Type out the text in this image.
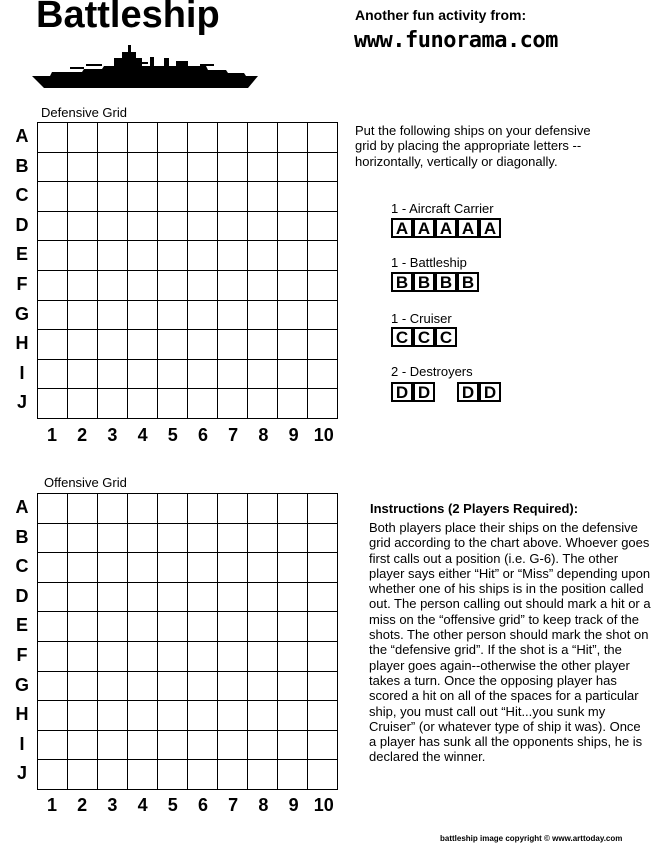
Battleship	Another fun activity from:
www.funorama.com
Defensive Grid
A
B
C
D
E
F
G
H
I
J
1	2	3	4	5	6	7	8	9 10
Offensive Grid
A
B
C
D
E
F
G
H
I
J
1	2	3	4	5	6	7	8	9 10
Put the following ships on your defensive grid by placing the appropriate letters -- horizontally, vertically or diagonally.
1 - Aircraft Carrier
A A A A A
1 - Battleship
B B B B
1 - Cruiser
C C C
2 - Destroyers
D D D D
Instructions (2 Players Required):
Both players place their ships on the defensive grid according to the chart above. Whoever goes first calls out a position (i.e. G-6). The other player says either “Hit” or “Miss” depending upon whether one of his ships is in the position called out. The person calling out should mark a hit or a miss on the “offensive grid” to keep track of the shots. The other person should mark the shot on the “defensive grid”. If the shot is a “Hit”, the player goes again--otherwise the other player takes a turn. Once the opposing player has scored a hit on all of the spaces for a particular ship, you must call out “Hit...you sunk my Cruiser” (or whatever type of ship it was). Once a player has sunk all the opponents ships, he is declared the winner.
battleship image copyright © www.arttoday.com
